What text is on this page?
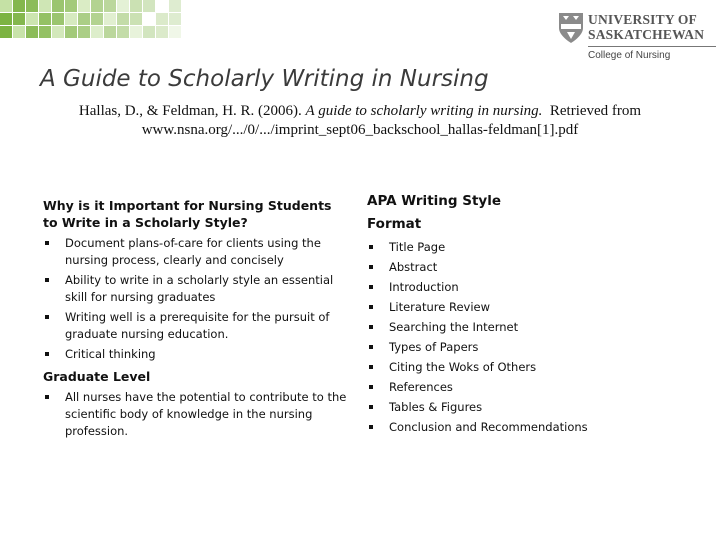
UNIVERSITY OF
SASKATCHEWAN
College of Nursing
A Guide to Scholarly Writing in Nursing
Hallas, D., & Feldman, H. R. (2006). A guide to scholarly writing in nursing.  Retrieved from
www.nsna.org/.../0/.../imprint_sept06_backschool_hallas-feldman[1].pdf
Why is it Important for Nursing Students to Write in a Scholarly Style?
Document plans-of-care for clients using the nursing process, clearly and concisely
Ability to write in a scholarly style an essential skill for nursing graduates
Writing well is a prerequisite for the pursuit of graduate nursing education.
Critical thinking
Graduate Level
All nurses have the potential to contribute to the scientific body of knowledge in the nursing profession.
APA Writing Style
Format
Title Page
Abstract
Introduction
Literature Review
Searching the Internet
Types of Papers
Citing the Woks of Others
References
Tables & Figures
Conclusion and Recommendations
